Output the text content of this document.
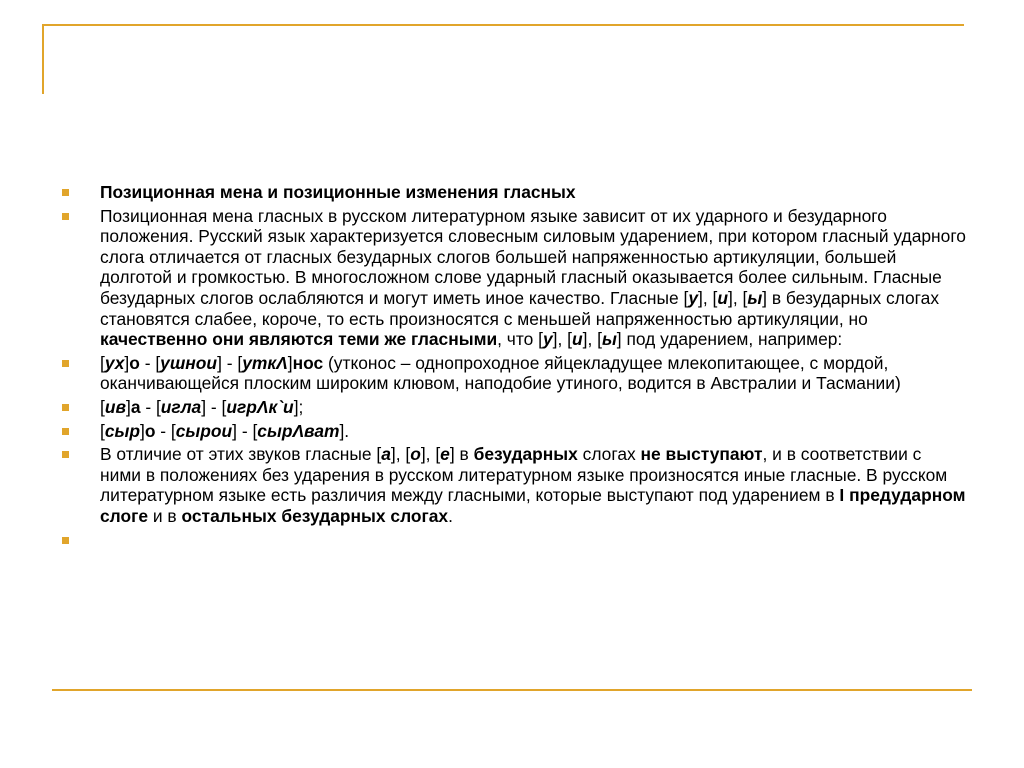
Позиционная мена и позиционные изменения гласных
Позиционная мена гласных в русском литературном языке зависит от их ударного и безударного положения. Русский язык характеризуется словесным силовым ударением, при котором гласный ударного слога отличается от гласных безударных слогов большей напряженностью артикуляции, большей долготой и громкостью. В многосложном слове ударный гласный оказывается более сильным. Гласные безударных слогов ослабляются и могут иметь иное качество. Гласные [у], [и], [ы] в безударных слогах становятся слабее, короче, то есть произносятся с меньшей напряженностью артикуляции, но качественно они являются теми же гласными, что [у], [и], [ы] под ударением, например:
[ух]о - [ушнои] - [уткΛ]нос (утконос – однопроходное яйцекладущее млекопитающее, с мордой, оканчивающейся плоским широким клювом, наподобие утиного, водится в Австралии и Тасмании)
[ив]а - [игла] - [игрΛк`и];
[сыр]о - [сырои] - [сырΛват].
В отличие от этих звуков гласные [а], [о], [е] в безударных слогах не выступают, и в соответствии с ними в положениях без ударения в русском литературном языке произносятся иные гласные. В русском литературном языке есть различия между гласными, которые выступают под ударением в I предударном слоге и в остальных безударных слогах.
